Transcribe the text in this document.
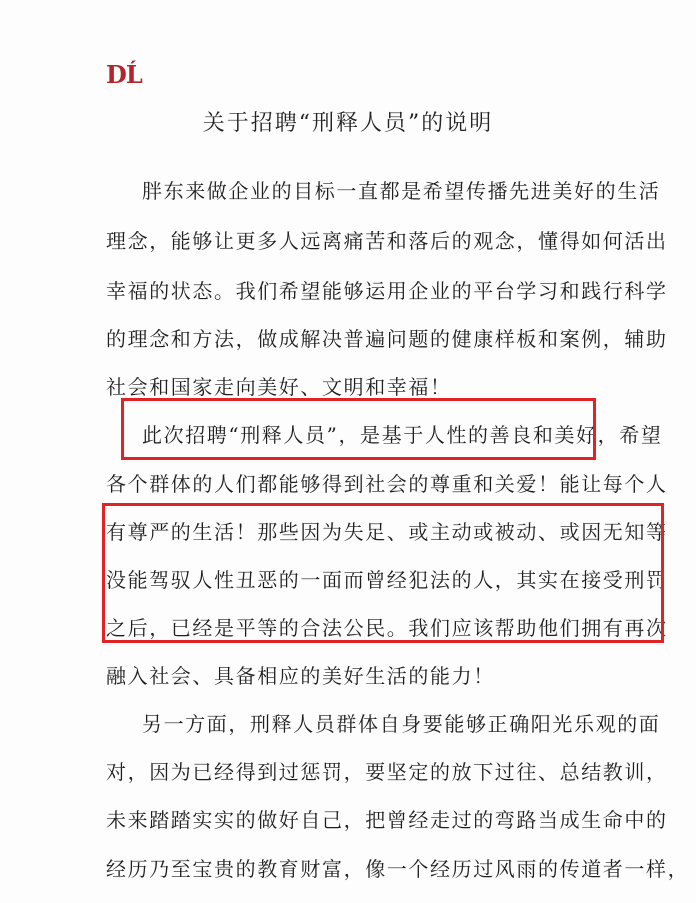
DĹ
关于招聘“刑释人员”的说明
胖东来做企业的目标一直都是希望传播先进美好的生活
理念，能够让更多人远离痛苦和落后的观念，懂得如何活出
幸福的状态。我们希望能够运用企业的平台学习和践行科学
的理念和方法，做成解决普遍问题的健康样板和案例，辅助
社会和国家走向美好、文明和幸福！
此次招聘“刑释人员”，是基于人性的善良和美好，希望
各个群体的人们都能够得到社会的尊重和关爱！能让每个人
有尊严的生活！那些因为失足、或主动或被动、或因无知等
没能驾驭人性丑恶的一面而曾经犯法的人，其实在接受刑罚
之后，已经是平等的合法公民。我们应该帮助他们拥有再次
融入社会、具备相应的美好生活的能力！
另一方面，刑释人员群体自身要能够正确阳光乐观的面
对，因为已经得到过惩罚，要坚定的放下过往、总结教训，
未来踏踏实实的做好自己，把曾经走过的弯路当成生命中的
经历乃至宝贵的教育财富，像一个经历过风雨的传道者一样，
